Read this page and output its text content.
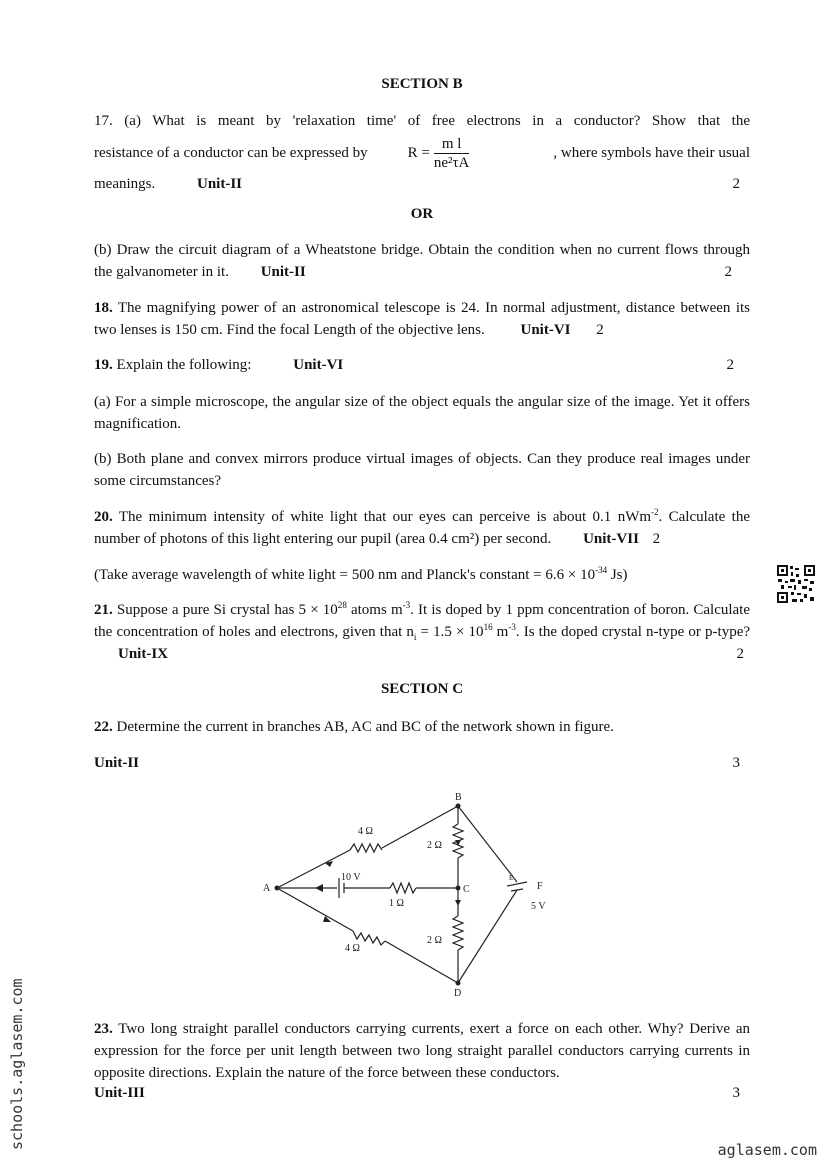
SECTION B
17. (a) What is meant by 'relaxation time' of free electrons in a conductor? Show that the
resistance of a conductor can be expressed by	$R = \frac{\text{m l}}{\text{ne²τA}}$	, where symbols have their usual
meanings.	Unit-II	2
OR
(b) Draw the circuit diagram of a Wheatstone bridge. Obtain the condition when no current flows through the galvanometer in it. Unit-II	2
18. The magnifying power of an astronomical telescope is 24. In normal adjustment, distance between its two lenses is 150 cm. Find the focal Length of the objective lens. Unit-VI 2
19. Explain the following:	Unit-VI	2
(a) For a simple microscope, the angular size of the object equals the angular size of the image. Yet it offers magnification.
(b) Both plane and convex mirrors produce virtual images of objects. Can they produce real images under some circumstances?
20. The minimum intensity of white light that our eyes can perceive is about 0.1 nWm$^{-2}$. Calculate the number of photons of this light entering our pupil (area 0.4 cm²) per second. Unit-VII 2
(Take average wavelength of white light = 500 nm and Planck's constant = $6.6 \times 10^{-34}$ Js)
21. Suppose a pure Si crystal has $5 \times 10^{28}$ atoms $m^{-3}$. It is doped by 1 ppm concentration of boron. Calculate the concentration of holes and electrons, given that $n_i = 1.5 \times 10^{16}$ $m^{-3}$. Is the doped crystal n-type or p-type? Unit-IX	2
SECTION C
22. Determine the current in branches AB, AC and BC of the network shown in figure.
Unit-II	3
A
B
C
D
E
F
4 Ω
2 Ω
1 Ω
2 Ω
4 Ω
10 V
5 V
23. Two long straight parallel conductors carrying currents, exert a force on each other. Why? Derive an expression for the force per unit length between two long straight parallel conductors carrying currents in opposite directions. Explain the nature of the force between these conductors.
Unit-III	3
schools.aglasem.com	aglasem.com
